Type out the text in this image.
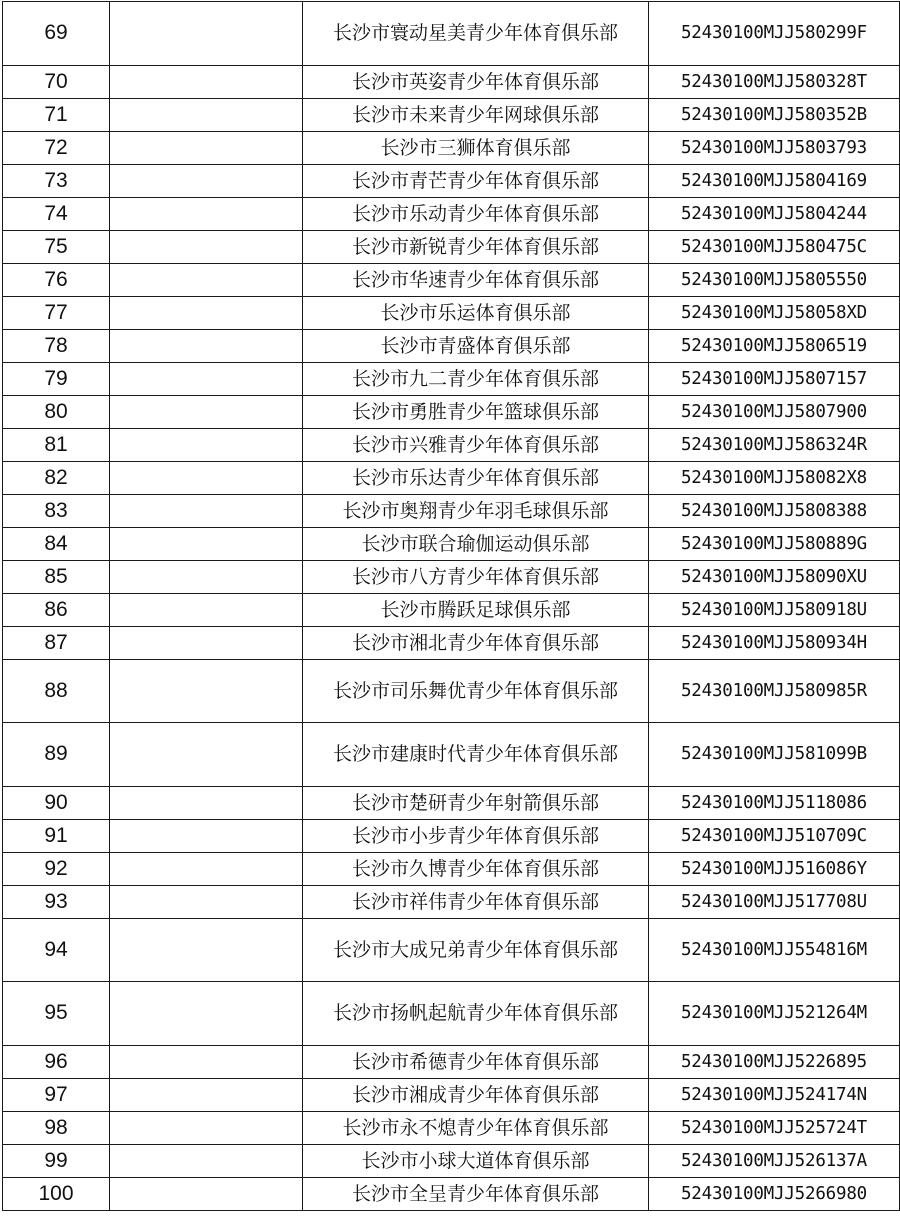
69		长沙市寰动星美青少年体育俱乐部	52430100MJJ580299F
70		长沙市英姿青少年体育俱乐部	52430100MJJ580328T
71		长沙市未来青少年网球俱乐部	52430100MJJ580352B
72		长沙市三狮体育俱乐部	52430100MJJ5803793
73		长沙市青芒青少年体育俱乐部	52430100MJJ5804169
74		长沙市乐动青少年体育俱乐部	52430100MJJ5804244
75		长沙市新锐青少年体育俱乐部	52430100MJJ580475C
76		长沙市华速青少年体育俱乐部	52430100MJJ5805550
77		长沙市乐运体育俱乐部	52430100MJJ58058XD
78		长沙市青盛体育俱乐部	52430100MJJ5806519
79		长沙市九二青少年体育俱乐部	52430100MJJ5807157
80		长沙市勇胜青少年篮球俱乐部	52430100MJJ5807900
81		长沙市兴雅青少年体育俱乐部	52430100MJJ586324R
82		长沙市乐达青少年体育俱乐部	52430100MJJ58082X8
83		长沙市奥翔青少年羽毛球俱乐部	52430100MJJ5808388
84		长沙市联合瑜伽运动俱乐部	52430100MJJ580889G
85		长沙市八方青少年体育俱乐部	52430100MJJ58090XU
86		长沙市腾跃足球俱乐部	52430100MJJ580918U
87		长沙市湘北青少年体育俱乐部	52430100MJJ580934H
88		长沙市司乐舞优青少年体育俱乐部	52430100MJJ580985R
89		长沙市建康时代青少年体育俱乐部	52430100MJJ581099B
90		长沙市楚研青少年射箭俱乐部	52430100MJJ5118086
91		长沙市小步青少年体育俱乐部	52430100MJJ510709C
92		长沙市久博青少年体育俱乐部	52430100MJJ516086Y
93		长沙市祥伟青少年体育俱乐部	52430100MJJ517708U
94		长沙市大成兄弟青少年体育俱乐部	52430100MJJ554816M
95		长沙市扬帆起航青少年体育俱乐部	52430100MJJ521264M
96		长沙市希德青少年体育俱乐部	52430100MJJ5226895
97		长沙市湘成青少年体育俱乐部	52430100MJJ524174N
98		长沙市永不熄青少年体育俱乐部	52430100MJJ525724T
99		长沙市小球大道体育俱乐部	52430100MJJ526137A
100		长沙市全呈青少年体育俱乐部	52430100MJJ5266980
